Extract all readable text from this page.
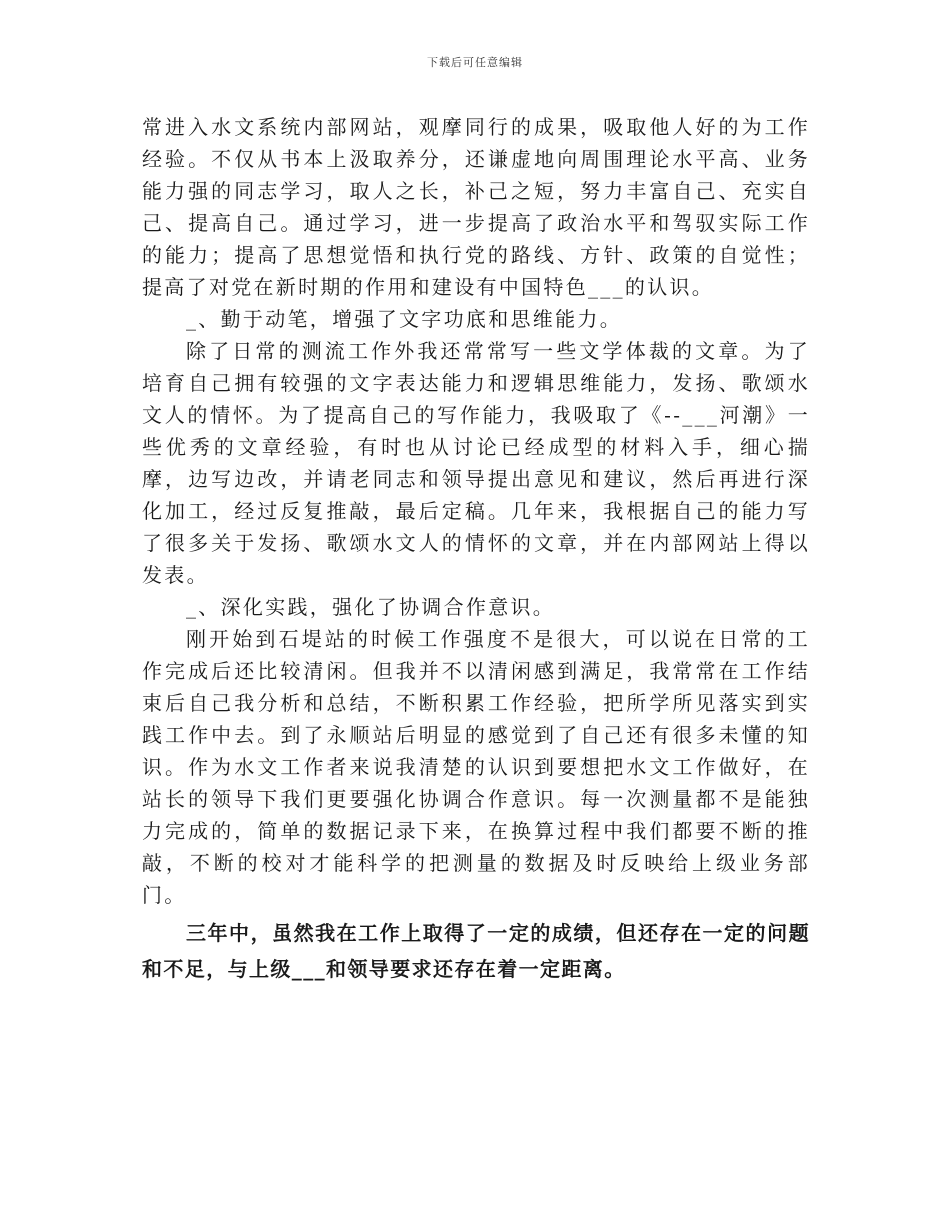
下载后可任意编辑

常进入水文系统内部网站，观摩同行的成果，吸取他人好的为工作经验。不仅从书本上汲取养分，还谦虚地向周围理论水平高、业务能力强的同志学习，取人之长，补己之短，努力丰富自己、充实自己、提高自己。通过学习，进一步提高了政治水平和驾驭实际工作的能力；提高了思想觉悟和执行党的路线、方针、政策的自觉性；提高了对党在新时期的作用和建设有中国特色___的认识。

_、勤于动笔，增强了文字功底和思维能力。

除了日常的测流工作外我还常常写一些文学体裁的文章。为了培育自己拥有较强的文字表达能力和逻辑思维能力，发扬、歌颂水文人的情怀。为了提高自己的写作能力，我吸取了《--___河潮》一些优秀的文章经验，有时也从讨论已经成型的材料入手，细心揣摩，边写边改，并请老同志和领导提出意见和建议，然后再进行深化加工，经过反复推敲，最后定稿。几年来，我根据自己的能力写了很多关于发扬、歌颂水文人的情怀的文章，并在内部网站上得以发表。

_、深化实践，强化了协调合作意识。

刚开始到石堤站的时候工作强度不是很大，可以说在日常的工作完成后还比较清闲。但我并不以清闲感到满足，我常常在工作结束后自己我分析和总结，不断积累工作经验，把所学所见落实到实践工作中去。到了永顺站后明显的感觉到了自己还有很多未懂的知识。作为水文工作者来说我清楚的认识到要想把水文工作做好，在站长的领导下我们更要强化协调合作意识。每一次测量都不是能独力完成的，简单的数据记录下来，在换算过程中我们都要不断的推敲，不断的校对才能科学的把测量的数据及时反映给上级业务部门。

三年中，虽然我在工作上取得了一定的成绩，但还存在一定的问题和不足，与上级___和领导要求还存在着一定距离。
